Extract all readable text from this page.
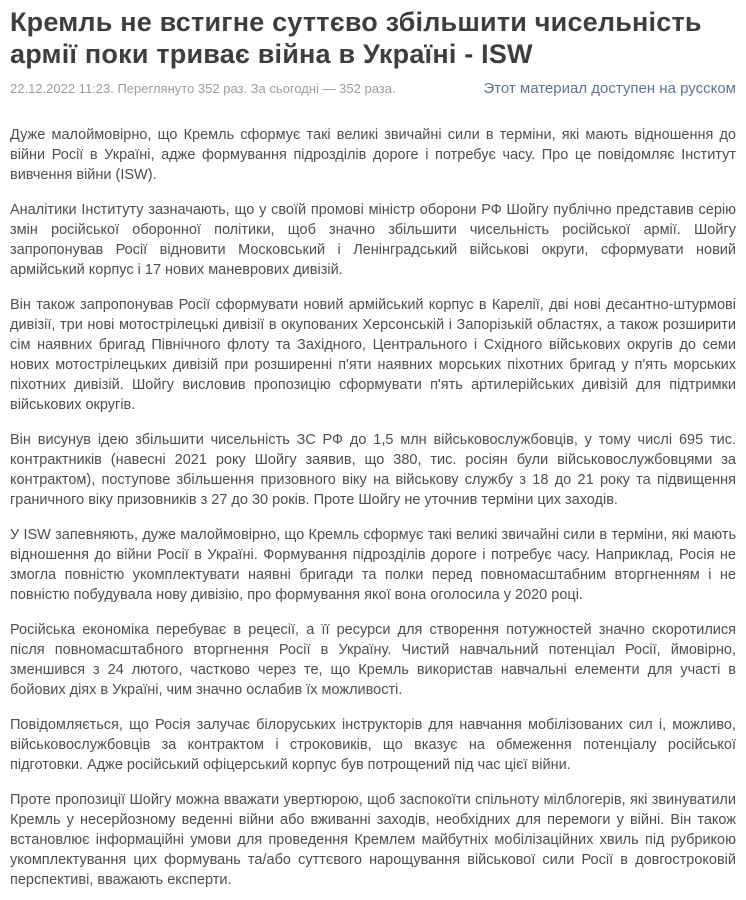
Кремль не встигне суттєво збільшити чисельність армії поки триває війна в Україні - ISW
22.12.2022 11:23. Переглянуто 352 раз. За сьогодні — 352 раза.	Этот материал доступен на русском

Дуже малоймовірно, що Кремль сформує такі великі звичайні сили в терміни, які мають відношення до війни Росії в Україні, адже формування підрозділів дороге і потребує часу. Про це повідомляє Інститут вивчення війни (ISW).

Аналітики Інституту зазначають, що у своїй промові міністр оборони РФ Шойгу публічно представив серію змін російської оборонної політики, щоб значно збільшити чисельність російської армії. Шойгу запропонував Росії відновити Московський і Ленінградський військові округи, сформувати новий армійський корпус і 17 нових маневрових дивізій.

Він також запропонував Росії сформувати новий армійський корпус в Карелії, дві нові десантно-штурмові дивізії, три нові мотострілецькі дивізії в окупованих Херсонській і Запорізькій областях, а також розширити сім наявних бригад Північного флоту та Західного, Центрального і Східного військових округів до семи нових мотострілецьких дивізій при розширенні п'яти наявних морських піхотних бригад у п'ять морських піхотних дивізій. Шойгу висловив пропозицію сформувати п'ять артилерійських дивізій для підтримки військових округів.

Він висунув ідею збільшити чисельність ЗС РФ до 1,5 млн військовослужбовців, у тому числі 695 тис. контрактників (навесні 2021 року Шойгу заявив, що 380, тис. росіян були військовослужбовцями за контрактом), поступове збільшення призовного віку на військову службу з 18 до 21 року та підвищення граничного віку призовників з 27 до 30 років. Проте Шойгу не уточнив терміни цих заходів.

У ISW запевняють, дуже малоймовірно, що Кремль сформує такі великі звичайні сили в терміни, які мають відношення до війни Росії в Україні. Формування підрозділів дороге і потребує часу. Наприклад, Росія не змогла повністю укомплектувати наявні бригади та полки перед повномасштабним вторгненням і не повністю побудувала нову дивізію, про формування якої вона оголосила у 2020 році.

Російська економіка перебуває в рецесії, а її ресурси для створення потужностей значно скоротилися після повномасштабного вторгнення Росії в Україну. Чистий навчальний потенціал Росії, ймовірно, зменшився з 24 лютого, частково через те, що Кремль використав навчальні елементи для участі в бойових діях в Україні, чим значно ослабив їх можливості.

Повідомляється, що Росія залучає білоруських інструкторів для навчання мобілізованих сил і, можливо, військовослужбовців за контрактом і строковиків, що вказує на обмеження потенціалу російської підготовки. Адже російський офіцерський корпус був потрощений під час цієї війни.

Проте пропозиції Шойгу можна вважати увертюрою, щоб заспокоїти спільноту мілблогерів, які звинуватили Кремль у несерйозному веденні війни або вживанні заходів, необхідних для перемоги у війні. Він також встановлює інформаційні умови для проведення Кремлем майбутніх мобілізаційних хвиль під рубрикою укомплектування цих формувань та/або суттєвого нарощування військової сили Росії в довгостроковій перспективі, вважають експерти.
